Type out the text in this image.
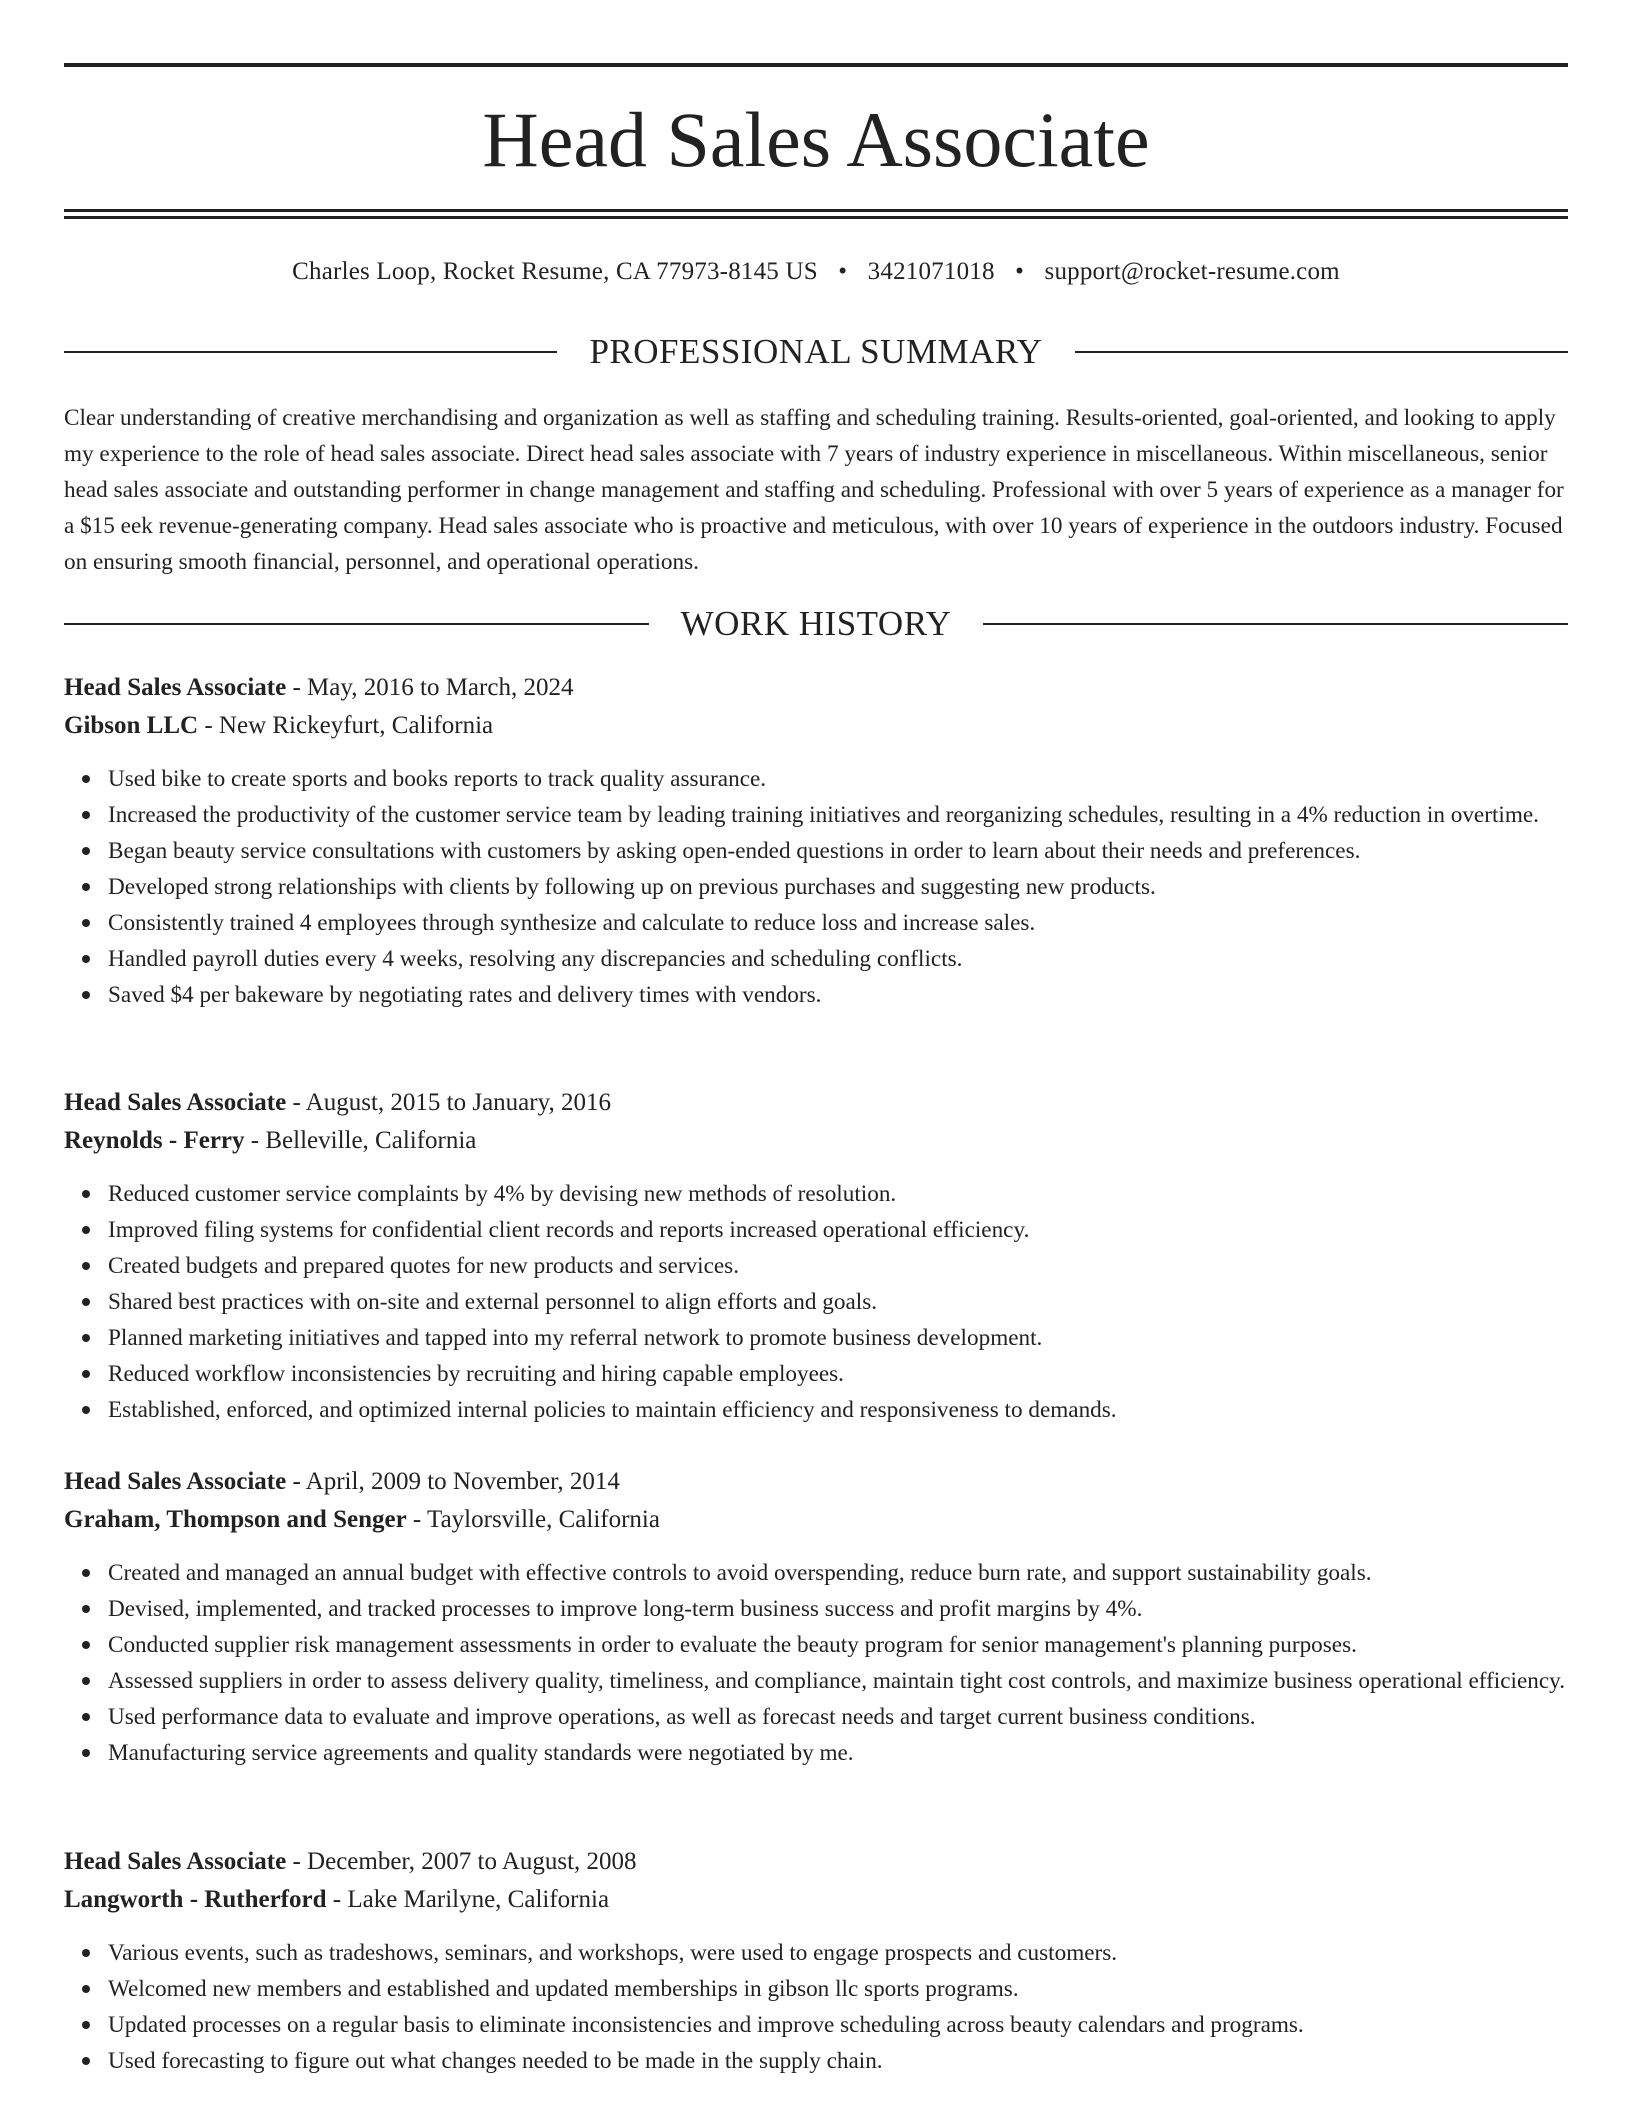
Head Sales Associate
Charles Loop, Rocket Resume, CA 77973-8145 US • 3421071018 • support@rocket-resume.com
PROFESSIONAL SUMMARY

Clear understanding of creative merchandising and organization as well as staffing and scheduling training. Results-oriented, goal-oriented, and looking to apply my experience to the role of head sales associate. Direct head sales associate with 7 years of industry experience in miscellaneous. Within miscellaneous, senior head sales associate and outstanding performer in change management and staffing and scheduling. Professional with over 5 years of experience as a manager for a $15 eek revenue-generating company. Head sales associate who is proactive and meticulous, with over 10 years of experience in the outdoors industry. Focused on ensuring smooth financial, personnel, and operational operations.

WORK HISTORY
Head Sales Associate - May, 2016 to March, 2024
Gibson LLC - New Rickeyfurt, California
Used bike to create sports and books reports to track quality assurance.
Increased the productivity of the customer service team by leading training initiatives and reorganizing schedules, resulting in a 4% reduction in overtime.
Began beauty service consultations with customers by asking open-ended questions in order to learn about their needs and preferences.
Developed strong relationships with clients by following up on previous purchases and suggesting new products.
Consistently trained 4 employees through synthesize and calculate to reduce loss and increase sales.
Handled payroll duties every 4 weeks, resolving any discrepancies and scheduling conflicts.
Saved $4 per bakeware by negotiating rates and delivery times with vendors.
Head Sales Associate - August, 2015 to January, 2016
Reynolds - Ferry - Belleville, California
Reduced customer service complaints by 4% by devising new methods of resolution.
Improved filing systems for confidential client records and reports increased operational efficiency.
Created budgets and prepared quotes for new products and services.
Shared best practices with on-site and external personnel to align efforts and goals.
Planned marketing initiatives and tapped into my referral network to promote business development.
Reduced workflow inconsistencies by recruiting and hiring capable employees.
Established, enforced, and optimized internal policies to maintain efficiency and responsiveness to demands.
Head Sales Associate - April, 2009 to November, 2014
Graham, Thompson and Senger - Taylorsville, California
Created and managed an annual budget with effective controls to avoid overspending, reduce burn rate, and support sustainability goals.
Devised, implemented, and tracked processes to improve long-term business success and profit margins by 4%.
Conducted supplier risk management assessments in order to evaluate the beauty program for senior management's planning purposes.
Assessed suppliers in order to assess delivery quality, timeliness, and compliance, maintain tight cost controls, and maximize business operational efficiency.
Used performance data to evaluate and improve operations, as well as forecast needs and target current business conditions.
Manufacturing service agreements and quality standards were negotiated by me.
Head Sales Associate - December, 2007 to August, 2008
Langworth - Rutherford - Lake Marilyne, California
Various events, such as tradeshows, seminars, and workshops, were used to engage prospects and customers.
Welcomed new members and established and updated memberships in gibson llc sports programs.
Updated processes on a regular basis to eliminate inconsistencies and improve scheduling across beauty calendars and programs.
Used forecasting to figure out what changes needed to be made in the supply chain.
